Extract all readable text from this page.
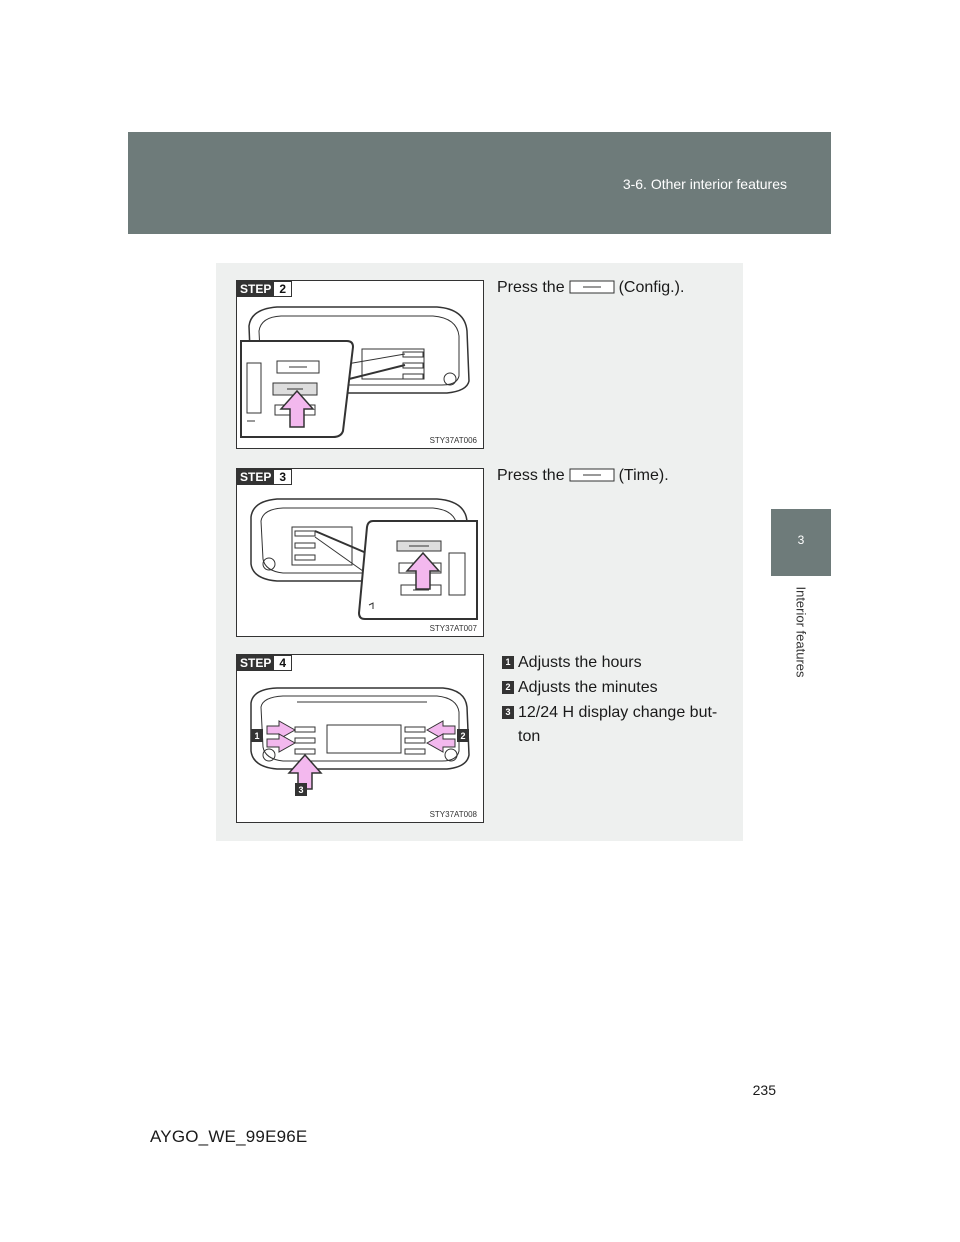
3-6. Other interior features
3
Interior features
STEP 2
STY37AT006
Press the	(Config.).
STEP 3
STY37AT007
Press the	(Time).
STEP 4
1	2
3
STY37AT008
1 Adjusts the hours
2 Adjusts the minutes
3 12/24 H display change but-ton
235
AYGO_WE_99E96E
